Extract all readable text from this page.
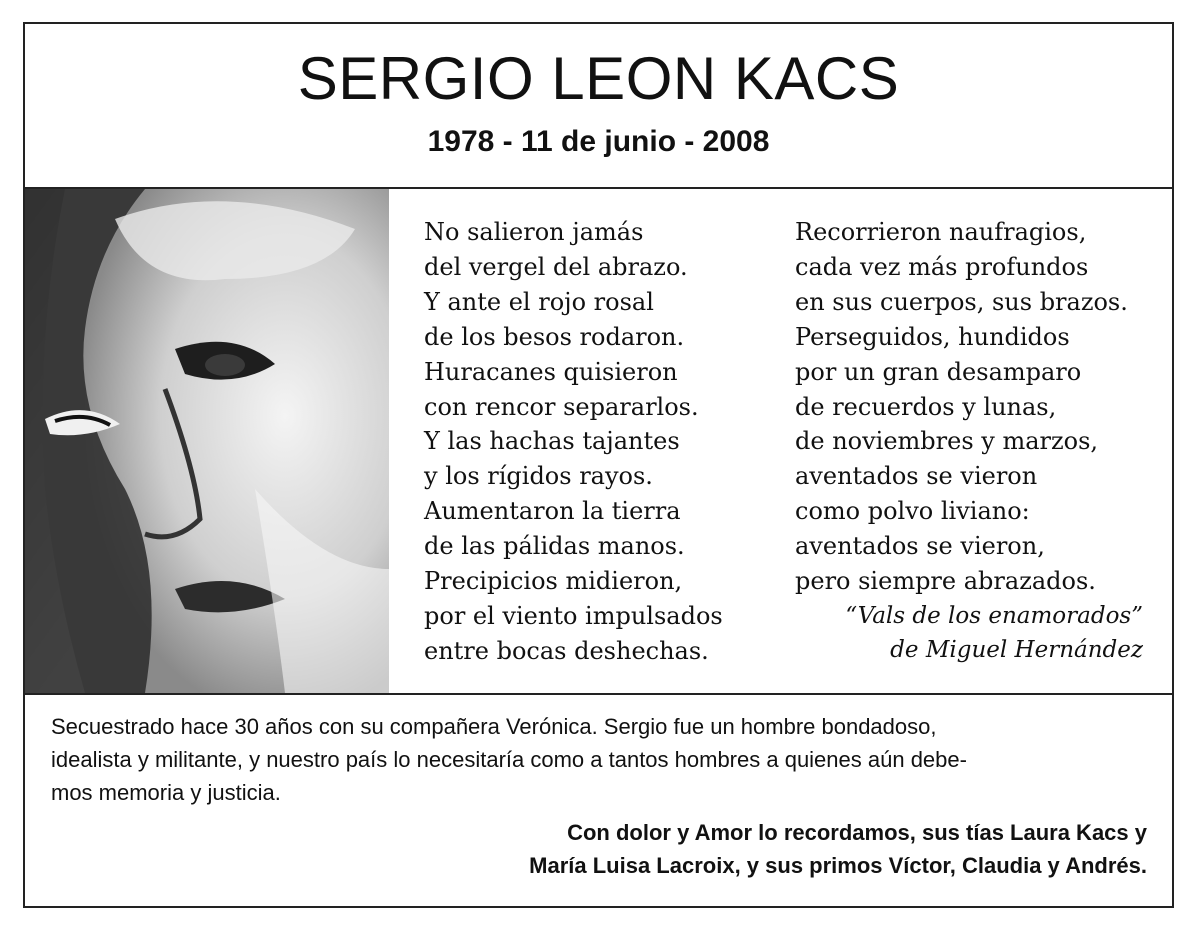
SERGIO LEON KACS
1978 - 11 de junio - 2008
No salieron jamás
del vergel del abrazo.
Y ante el rojo rosal
de los besos rodaron.
Huracanes quisieron
con rencor separarlos.
Y las hachas tajantes
y los rígidos rayos.
Aumentaron la tierra
de las pálidas manos.
Precipicios midieron,
por el viento impulsados
entre bocas deshechas.
Recorrieron naufragios,
cada vez más profundos
en sus cuerpos, sus brazos.
Perseguidos, hundidos
por un gran desamparo
de recuerdos y lunas,
de noviembres y marzos,
aventados se vieron
como polvo liviano:
aventados se vieron,
pero siempre abrazados.
“Vals de los enamorados”
de Miguel Hernández
Secuestrado hace 30 años con su compañera Verónica. Sergio fue un hombre bondadoso,
idealista y militante, y nuestro país lo necesitaría como a tantos hombres a quienes aún debe-
mos memoria y justicia.
Con dolor y Amor lo recordamos, sus tías Laura Kacs y
María Luisa Lacroix, y sus primos Víctor, Claudia y Andrés.
